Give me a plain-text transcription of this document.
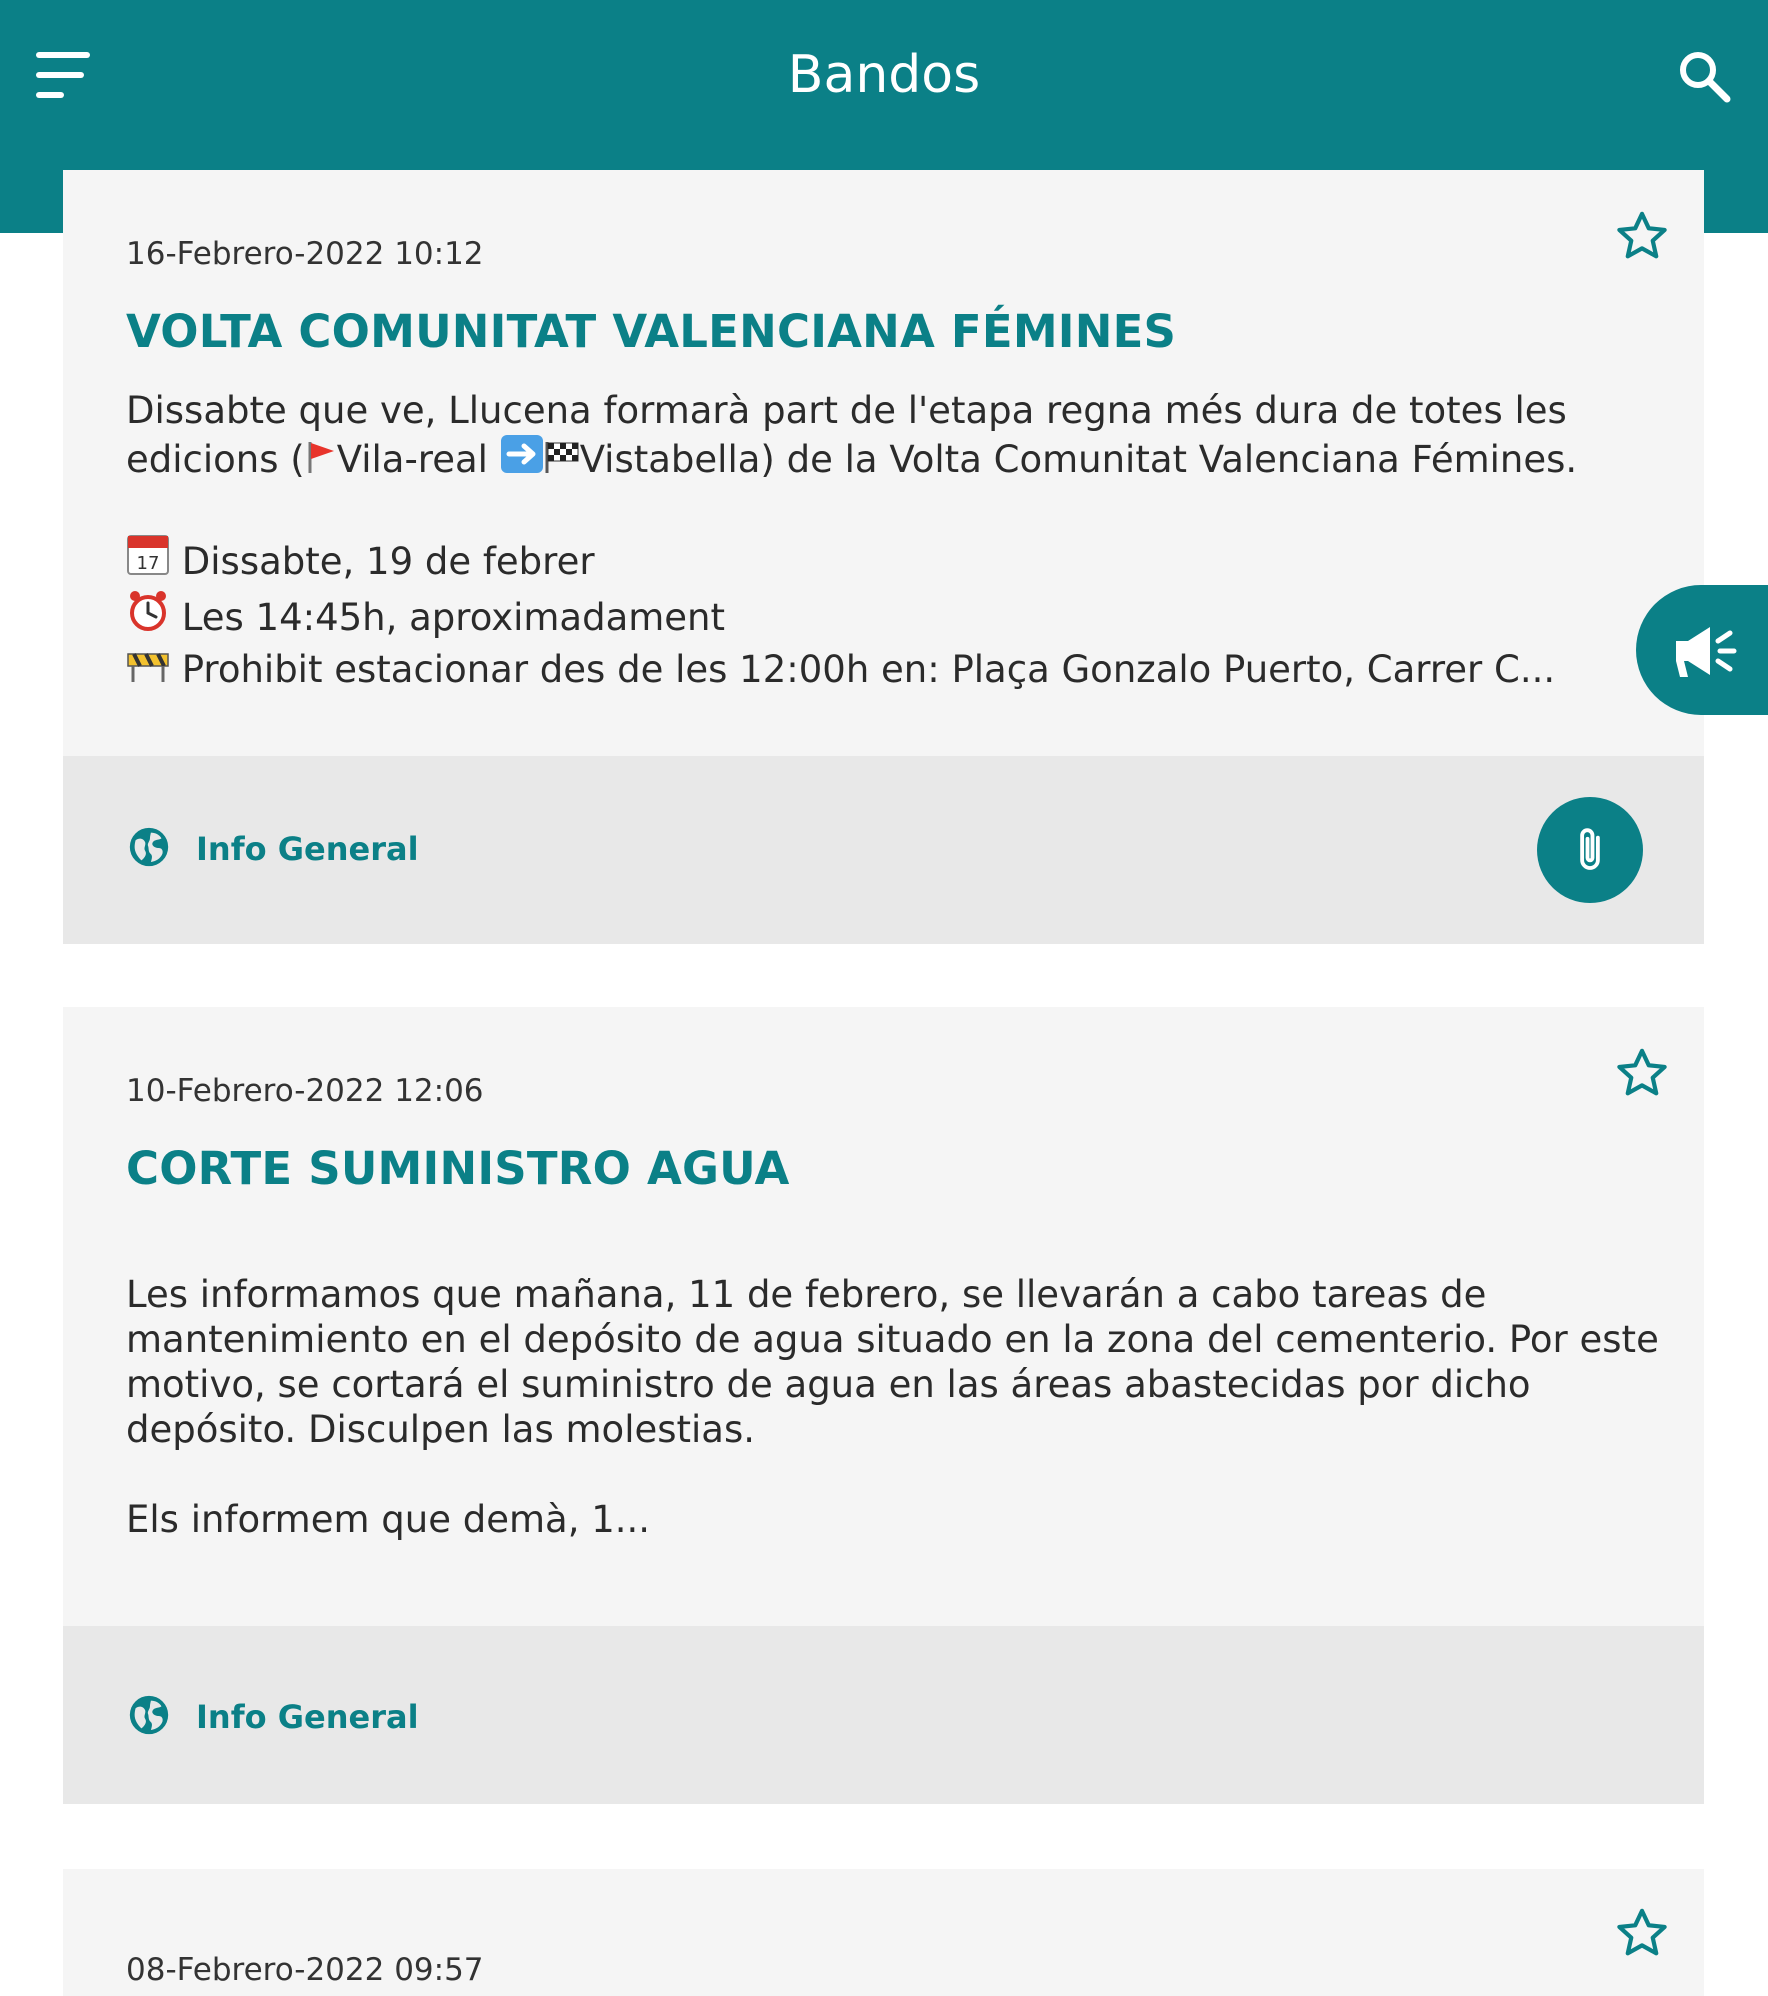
Bandos
16-Febrero-2022 10:12
VOLTA COMUNITAT VALENCIANA FÉMINES

Dissabte que ve, Llucena formarà part de l'etapa regna més dura de totes les

edicions ( Vila-real Vistabella) de la Volta Comunitat Valenciana Fémines.

17 Dissabte, 19 de febrer

Les 14:45h, aproximadament

Prohibit estacionar des de les 12:00h en: Plaça Gonzalo Puerto, Carrer C...

Info General
10-Febrero-2022 12:06
CORTE SUMINISTRO AGUA

Les informamos que mañana, 11 de febrero, se llevarán a cabo tareas de

mantenimiento en el depósito de agua situado en la zona del cementerio. Por este

motivo, se cortará el suministro de agua en las áreas abastecidas por dicho

depósito. Disculpen las molestias.

Els informem que demà, 1...

Info General
08-Febrero-2022 09:57
